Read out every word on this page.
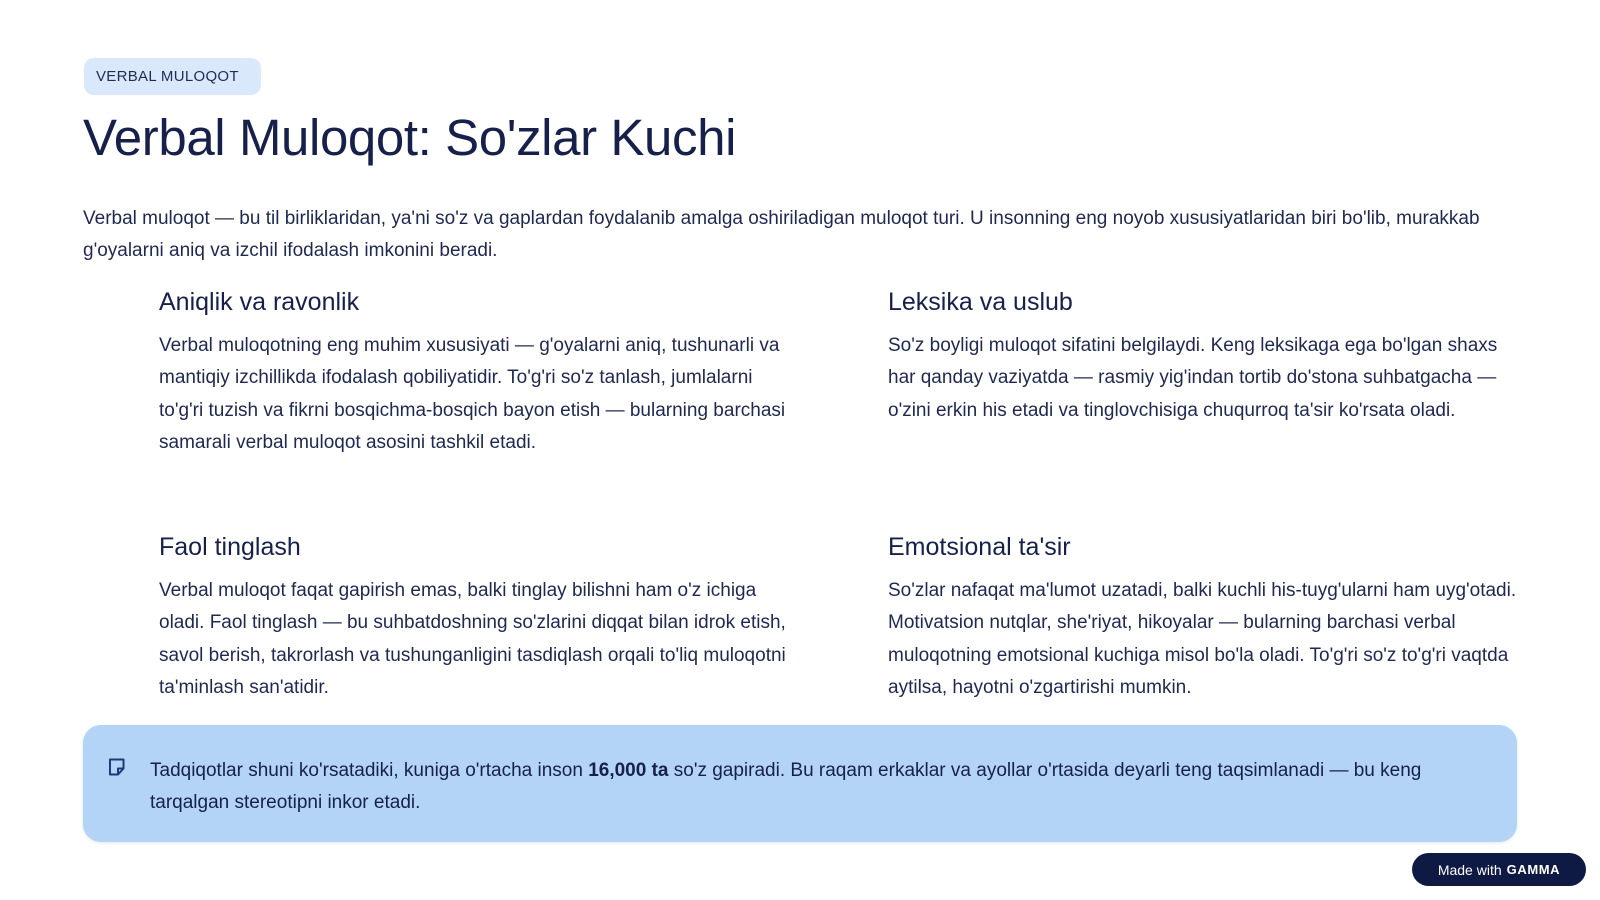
VERBAL MULOQOT
Verbal Muloqot: So'zlar Kuchi

Verbal muloqot — bu til birliklaridan, ya'ni so'z va gaplardan foydalanib amalga oshiriladigan muloqot turi. U insonning eng noyob xususiyatlaridan biri bo'lib, murakkab g'oyalarni aniq va izchil ifodalash imkonini beradi.

Aniqlik va ravonlik

Verbal muloqotning eng muhim xususiyati — g'oyalarni aniq, tushunarli va mantiqiy izchillikda ifodalash qobiliyatidir. To'g'ri so'z tanlash, jumlalarni to'g'ri tuzish va fikrni bosqichma-bosqich bayon etish — bularning barchasi samarali verbal muloqot asosini tashkil etadi.

Leksika va uslub

So'z boyligi muloqot sifatini belgilaydi. Keng leksikaga ega bo'lgan shaxs har qanday vaziyatda — rasmiy yig'indan tortib do'stona suhbatgacha — o'zini erkin his etadi va tinglovchisiga chuqurroq ta'sir ko'rsata oladi.

Faol tinglash

Verbal muloqot faqat gapirish emas, balki tinglay bilishni ham o'z ichiga oladi. Faol tinglash — bu suhbatdoshning so'zlarini diqqat bilan idrok etish, savol berish, takrorlash va tushunganligini tasdiqlash orqali to'liq muloqotni ta'minlash san'atidir.

Emotsional ta'sir

So'zlar nafaqat ma'lumot uzatadi, balki kuchli his-tuyg'ularni ham uyg'otadi. Motivatsion nutqlar, she'riyat, hikoyalar — bularning barchasi verbal muloqotning emotsional kuchiga misol bo'la oladi. To'g'ri so'z to'g'ri vaqtda aytilsa, hayotni o'zgartirishi mumkin.

Tadqiqotlar shuni ko'rsatadiki, kuniga o'rtacha inson 16,000 ta so'z gapiradi. Bu raqam erkaklar va ayollar o'rtasida deyarli teng taqsimlanadi — bu keng tarqalgan stereotipni inkor etadi.

Made with GAMMA
